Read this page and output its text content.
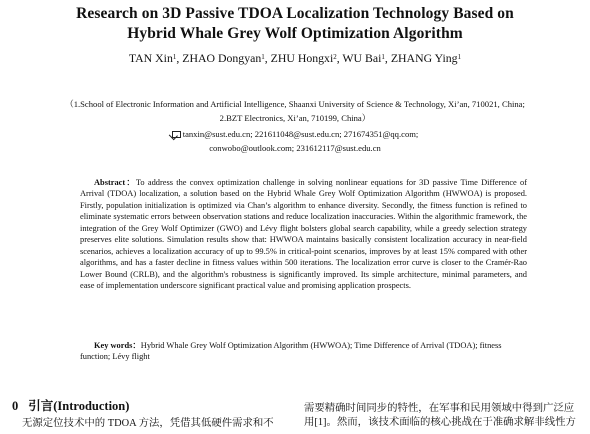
Research on 3D Passive TDOA Localization Technology Based on
Hybrid Whale Grey Wolf Optimization Algorithm
TAN Xin$^1$, ZHAO Dongyan$^1$, ZHU Hongxi$^2$, WU Bai$^1$, ZHANG Ying$^1$
（1.School of Electronic Information and Artificial Intelligence, Shaanxi University of Science & Technology, Xi’an, 710021, China;
2.BZT Electronics, Xi’an, 710199, China）
tanxin@sust.edu.cn; 221611048@sust.edu.cn; 271674351@qq.com;
conwobo@outlook.com; 231612117@sust.edu.cn
Abstract：To address the convex optimization challenge in solving nonlinear equations for 3D passive Time Difference of Arrival (TDOA) localization, a solution based on the Hybrid Whale Grey Wolf Optimization Algorithm (HWWOA) is proposed. Firstly, population initialization is optimized via Chan’s algorithm to enhance diversity. Secondly, the fitness function is refined to eliminate systematic errors between observation stations and reduce localization inaccuracies. Within the algorithmic framework, the integration of the Grey Wolf Optimizer (GWO) and Lévy flight bolsters global search capability, while a greedy selection strategy preserves elite solutions. Simulation results show that: HWWOA maintains basically consistent localization accuracy in near-field scenarios, achieves a localization accuracy of up to 99.5% in critical-point scenarios, improves by at least 15% compared with other algorithms, and has a faster decline in fitness values within 500 iterations. The localization error curve is closer to the Cramér-Rao Lower Bound (CRLB), and the algorithm's robustness is significantly improved. Its simple architecture, minimal parameters, and ease of implementation underscore significant practical value and promising application prospects.
Key words：Hybrid Whale Grey Wolf Optimization Algorithm (HWWOA); Time Difference of Arrival (TDOA); fitness function; Lévy flight
0 引言(Introduction)
无源定位技术中的 TDOA 方法，凭借其低硬件需求和不
需要精确时间同步的特性，在军事和民用领域中得到广泛应
用[1]。然而，该技术面临的核心挑战在于准确求解非线性方
